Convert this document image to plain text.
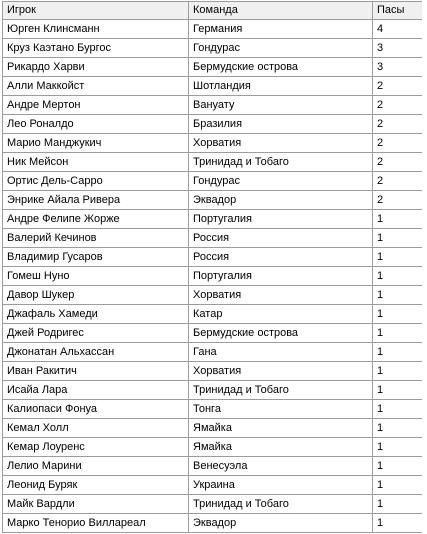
Игрок	Команда	Пасы
Юрген Клинсманн	Германия	4
Круз Каэтано Бургос	Гондурас	3
Рикардо Харви	Бермудские острова	3
Алли Маккойст	Шотландия	2
Андре Мертон	Вануату	2
Лео Роналдо	Бразилия	2
Марио Манджукич	Хорватия	2
Ник Мейсон	Тринидад и Тобаго	2
Ортис Дель-Сарро	Гондурас	2
Энрике Айала Ривера	Эквадор	2
Андре Фелипе Жорже	Португалия	1
Валерий Кечинов	Россия	1
Владимир Гусаров	Россия	1
Гомеш Нуно	Португалия	1
Давор Шукер	Хорватия	1
Джафаль Хамеди	Катар	1
Джей Родригес	Бермудские острова	1
Джонатан Альхассан	Гана	1
Иван Ракитич	Хорватия	1
Исайа Лара	Тринидад и Тобаго	1
Калиопаси Фонуа	Тонга	1
Кемал Холл	Ямайка	1
Кемар Лоуренс	Ямайка	1
Лелио Марини	Венесуэла	1
Леонид Буряк	Украина	1
Майк Вардли	Тринидад и Тобаго	1
Марко Тенорио Виллареал	Эквадор	1
